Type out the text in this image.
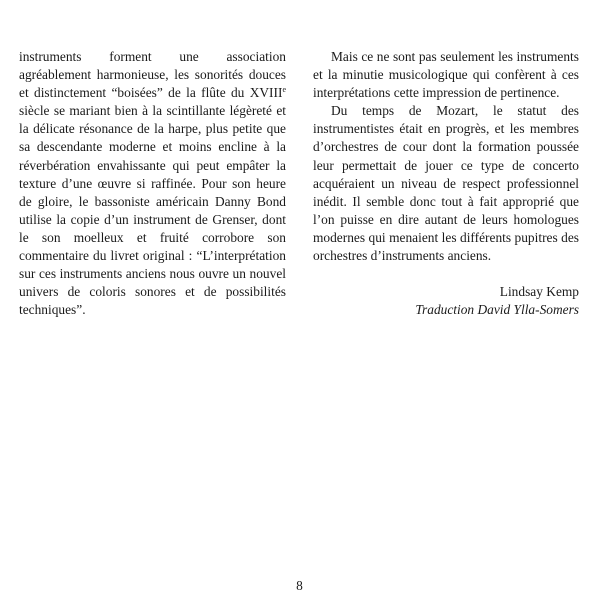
instruments forment une association agréablement harmonieuse, les sonorités douces et distinctement “boisées” de la flûte du XVIIIe siècle se mariant bien à la scintillante légèreté et la délicate résonance de la harpe, plus petite que sa descendante moderne et moins encline à la réverbération envahissante qui peut empâter la texture d’une œuvre si raffinée. Pour son heure de gloire, le bassoniste américain Danny Bond utilise la copie d’un instrument de Grenser, dont le son moelleux et fruité corrobore son commentaire du livret original : “L’interprétation sur ces instruments anciens nous ouvre un nouvel univers de coloris sonores et de possibilités techniques”.

Mais ce ne sont pas seulement les instruments et la minutie musicologique qui confèrent à ces interprétations cette impression de pertinence.

Du temps de Mozart, le statut des instrumentistes était en progrès, et les membres d’orchestres de cour dont la formation poussée leur permettait de jouer ce type de concerto acquéraient un niveau de respect professionnel inédit. Il semble donc tout à fait approprié que l’on puisse en dire autant de leurs homologues modernes qui menaient les différents pupitres des orchestres d’instruments anciens.

Lindsay Kemp
Traduction David Ylla-Somers
8
